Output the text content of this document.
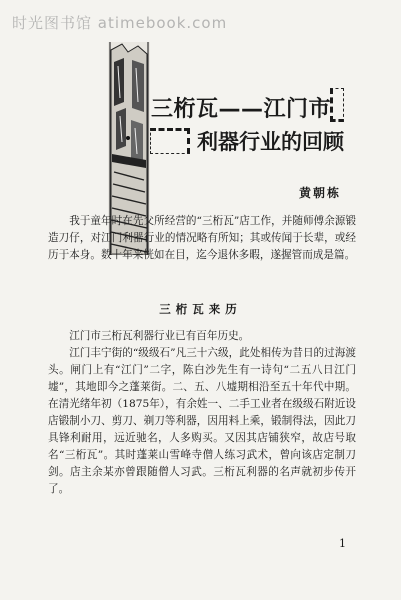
时光图书馆 atimebook.com
三桁瓦——江门市
利器行业的回顾
黄朝栋

我于童年时在先父所经营的“三桁瓦”店工作，并随师傅余源锻造刀仔，对江门利器行业的情况略有所知；其或传闻于长辈，或经历于本身。数十年来恍如在目，迄今退休多暇，遂握管而成是篇。

三桁瓦来历

江门市三桁瓦利器行业已有百年历史。

江门丰宁街的“级级石”凡三十六级，此处相传为昔日的过海渡头。闸门上有“江门”二字，陈白沙先生有一诗句“二五八日江门墟”，其地即今之蓬莱街。二、五、八墟期相沿至五十年代中期。在清光绪年初（1875年），有余姓一、二手工业者在级级石附近设店锻制小刀、剪刀、剃刀等利器，因用料上乘，锻制得法，因此刀具锋利耐用，远近驰名，人多购买。又因其店铺狭窄，故店号取名“三桁瓦”。其时蓬莱山雪峰寺僧人练习武术，曾向该店定制刀剑。店主余某亦曾跟随僧人习武。三桁瓦利器的名声就初步传开了。

1
